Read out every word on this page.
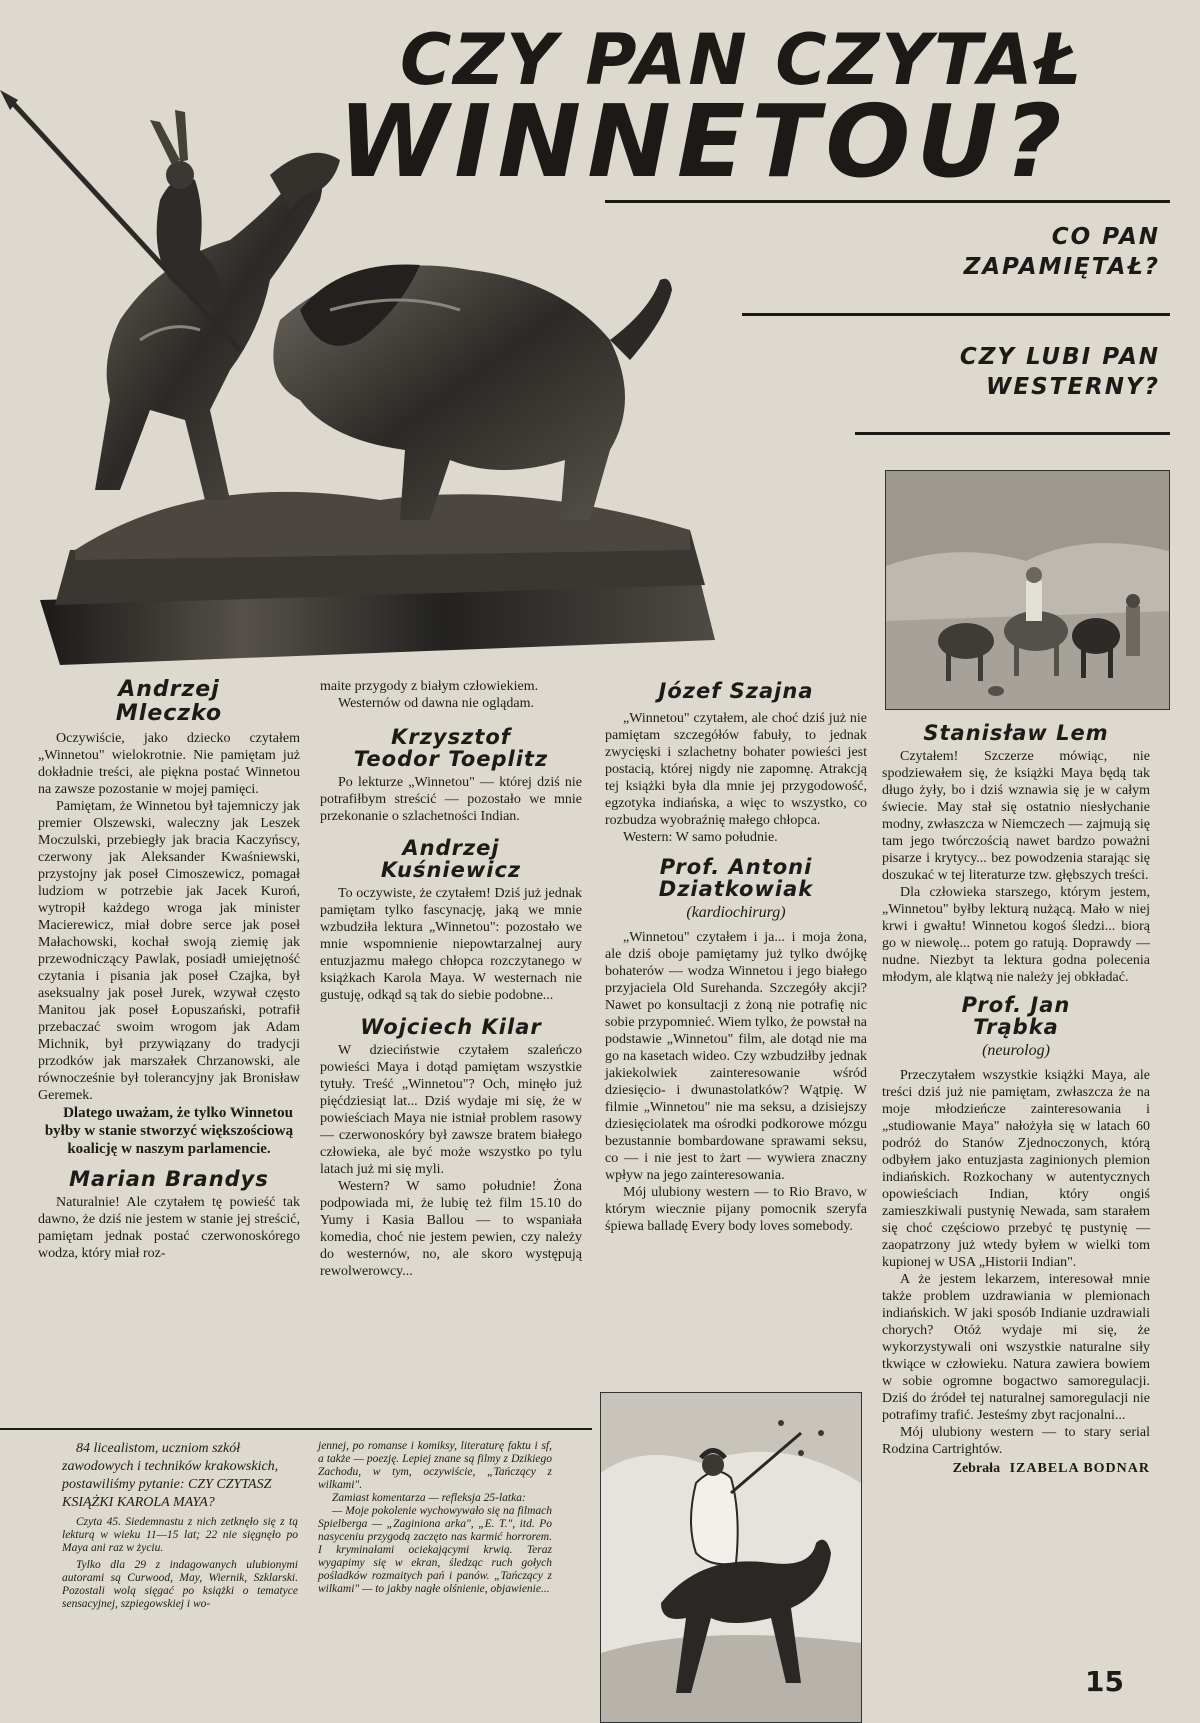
CZY PAN CZYTAŁ
WINNETOU?
CO PAN
ZAPAMIĘTAŁ?
CZY LUBI PAN
WESTERNY?
Andrzej
Mleczko

Oczywiście, jako dziecko czytałem „Winnetou" wielokrotnie. Nie pamiętam już dokładnie treści, ale piękna postać Winnetou na zawsze pozostanie w mojej pamięci.

Pamiętam, że Winnetou był tajemniczy jak premier Olszewski, waleczny jak Leszek Moczulski, przebiegły jak bracia Kaczyńscy, czerwony jak Aleksander Kwaśniewski, przystojny jak poseł Cimoszewicz, pomagał ludziom w potrzebie jak Jacek Kuroń, wytropił każdego wroga jak minister Macierewicz, miał dobre serce jak poseł Małachowski, kochał swoją ziemię jak przewodniczący Pawlak, posiadł umiejętność czytania i pisania jak poseł Czajka, był aseksualny jak poseł Jurek, wzywał często Manitou jak poseł Łopuszański, potrafił przebaczać swoim wrogom jak Adam Michnik, był przywiązany do tradycji przodków jak marszałek Chrzanowski, ale równocześnie był tolerancyjny jak Bronisław Geremek.

Dlatego uważam, że tylko Winnetou byłby w stanie stworzyć większościową koalicję w naszym parlamencie.

Marian Brandys

Naturalnie! Ale czytałem tę powieść tak dawno, że dziś nie jestem w stanie jej streścić, pamiętam jednak postać czerwonoskórego wodza, który miał roz-

maite przygody z białym człowiekiem.

Westernów od dawna nie oglądam.

Krzysztof
Teodor Toeplitz

Po lekturze „Winnetou" — której dziś nie potrafiłbym streścić — pozostało we mnie przekonanie o szlachetności Indian.

Andrzej
Kuśniewicz

To oczywiste, że czytałem! Dziś już jednak pamiętam tylko fascynację, jaką we mnie wzbudziła lektura „Winnetou": pozostało we mnie wspomnienie niepowtarzalnej aury entuzjazmu małego chłopca rozczytanego w książkach Karola Maya. W westernach nie gustuję, odkąd są tak do siebie podobne...

Wojciech Kilar

W dzieciństwie czytałem szaleńczo powieści Maya i dotąd pamiętam wszystkie tytuły. Treść „Winnetou"? Och, minęło już pięćdziesiąt lat... Dziś wydaje mi się, że w powieściach Maya nie istniał problem rasowy — czerwonoskóry był zawsze bratem białego człowieka, ale być może wszystko po tylu latach już mi się myli.

Western? W samo południe! Żona podpowiada mi, że lubię też film 15.10 do Yumy i Kasia Ballou — to wspaniała komedia, choć nie jestem pewien, czy należy do westernów, no, ale skoro występują rewolwerowcy...

Józef Szajna

„Winnetou" czytałem, ale choć dziś już nie pamiętam szczegółów fabuły, to jednak zwycięski i szlachetny bohater powieści jest postacią, której nigdy nie zapomnę. Atrakcją tej książki była dla mnie jej przygodowość, egzotyka indiańska, a więc to wszystko, co rozbudza wyobraźnię małego chłopca.

Western: W samo południe.

Prof. Antoni
Dziatkowiak
(kardiochirurg)

„Winnetou" czytałem i ja... i moja żona, ale dziś oboje pamiętamy już tylko dwójkę bohaterów — wodza Winnetou i jego białego przyjaciela Old Surehanda. Szczegóły akcji? Nawet po konsultacji z żoną nie potrafię nic sobie przypomnieć. Wiem tylko, że powstał na podstawie „Winnetou" film, ale dotąd nie ma go na kasetach wideo. Czy wzbudziłby jednak jakiekolwiek zainteresowanie wśród dziesięcio- i dwunastolatków? Wątpię. W filmie „Winnetou" nie ma seksu, a dzisiejszy dziesięciolatek ma ośrodki podkorowe mózgu bezustannie bombardowane sprawami seksu, co — i nie jest to żart — wywiera znaczny wpływ na jego zainteresowania.

Mój ulubiony western — to Rio Bravo, w którym wiecznie pijany pomocnik szeryfa śpiewa balladę Every body loves somebody.

Stanisław Lem

Czytałem! Szczerze mówiąc, nie spodziewałem się, że książki Maya będą tak długo żyły, bo i dziś wznawia się je w całym świecie. May stał się ostatnio niesłychanie modny, zwłaszcza w Niemczech — zajmują się tam jego twórczością nawet bardzo poważni pisarze i krytycy... bez powodzenia starając się doszukać w tej literaturze tzw. głębszych treści.

Dla człowieka starszego, którym jestem, „Winnetou" byłby lekturą nużącą. Mało w niej krwi i gwałtu! Winnetou kogoś śledzi... biorą go w niewolę... potem go ratują. Doprawdy — nudne. Niezbyt ta lektura godna polecenia młodym, ale klątwą nie należy jej obkładać.

Prof. Jan
Trąbka
(neurolog)

Przeczytałem wszystkie książki Maya, ale treści dziś już nie pamiętam, zwłaszcza że na moje młodzieńcze zainteresowania i „studiowanie Maya" nałożyła się w latach 60 podróż do Stanów Zjednoczonych, którą odbyłem jako entuzjasta zaginionych plemion indiańskich. Rozkochany w autentycznych opowieściach Indian, który ongiś zamieszkiwali pustynię Newada, sam starałem się choć częściowo przebyć tę pustynię — zaopatrzony już wtedy byłem w wielki tom kupionej w USA „Historii Indian".

A że jestem lekarzem, interesował mnie także problem uzdrawiania w plemionach indiańskich. W jaki sposób Indianie uzdrawiali chorych? Otóż wydaje mi się, że wykorzystywali oni wszystkie naturalne siły tkwiące w człowieku. Natura zawiera bowiem w sobie ogromne bogactwo samoregulacji. Dziś do źródeł tej naturalnej samoregulacji nie potrafimy trafić. Jesteśmy zbyt racjonalni...

Mój ulubiony western — to stary serial Rodzina Cartrightów.

Zebrała IZABELA BODNAR

84 licealistom, uczniom szkół zawodowych i techników krakowskich, postawiliśmy pytanie: CZY CZYTASZ KSIĄŻKI KAROLA MAYA?

Czyta 45. Siedemnastu z nich zetknęło się z tą lekturą w wieku 11—15 lat; 22 nie sięgnęło po Maya ani raz w życiu.

Tylko dla 29 z indagowanych ulubionymi autorami są Curwood, May, Wiernik, Szklarski. Pozostali wolą sięgać po książki o tematyce sensacyjnej, szpiegowskiej i wo-

jennej, po romanse i komiksy, literaturę faktu i sf, a także — poezję. Lepiej znane są filmy z Dzikiego Zachodu, w tym, oczywiście, „Tańczący z wilkami".

Zamiast komentarza — refleksja 25-latka:

— Moje pokolenie wychowywało się na filmach Spielberga — „Zaginiona arka", „E. T.", itd. Po nasyceniu przygodą zaczęto nas karmić horrorem. I kryminałami ociekającymi krwią. Teraz wygapimy się w ekran, śledząc ruch gołych pośladków rozmaitych pań i panów. „Tańczący z wilkami" — to jakby nagłe olśnienie, objawienie...

15
